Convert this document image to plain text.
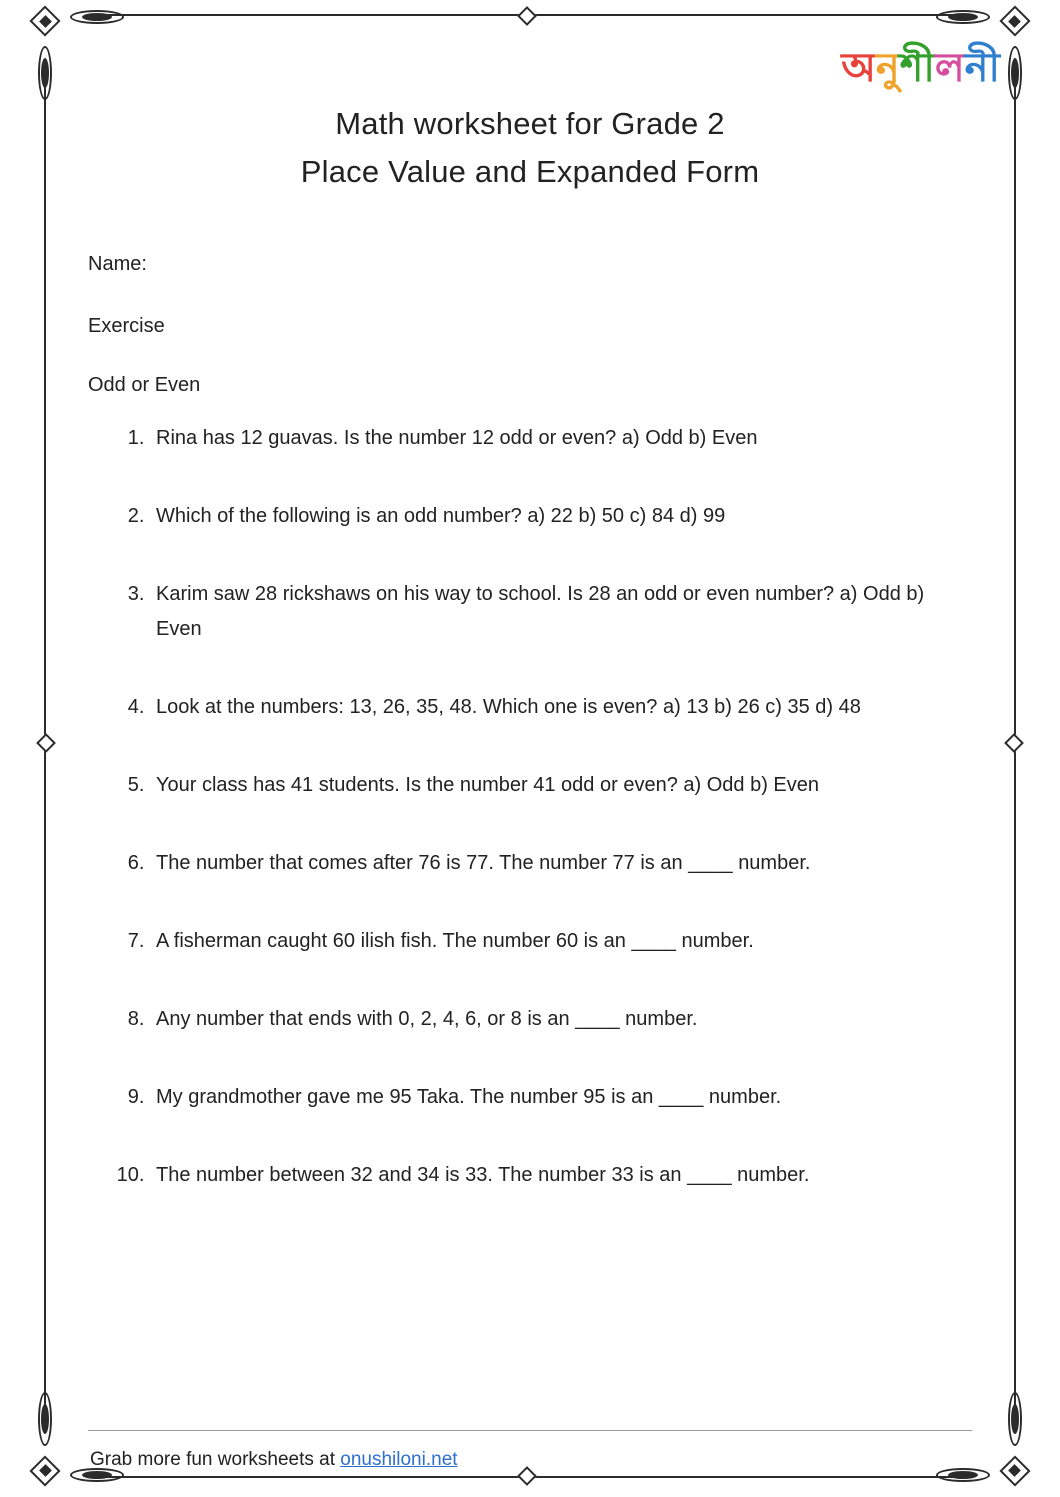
অনুশীলনী
Math worksheet for Grade 2
Place Value and Expanded Form

Name:

Exercise

Odd or Even

1. Rina has 12 guavas. Is the number 12 odd or even? a) Odd b) Even
2. Which of the following is an odd number? a) 22 b) 50 c) 84 d) 99
3. Karim saw 28 rickshaws on his way to school. Is 28 an odd or even number? a) Odd b) Even
4. Look at the numbers: 13, 26, 35, 48. Which one is even? a) 13 b) 26 c) 35 d) 48
5. Your class has 41 students. Is the number 41 odd or even? a) Odd b) Even
6. The number that comes after 76 is 77. The number 77 is an ____ number.
7. A fisherman caught 60 ilish fish. The number 60 is an ____ number.
8. Any number that ends with 0, 2, 4, 6, or 8 is an ____ number.
9. My grandmother gave me 95 Taka. The number 95 is an ____ number.
10. The number between 32 and 34 is 33. The number 33 is an ____ number.
Grab more fun worksheets at onushiloni.net
